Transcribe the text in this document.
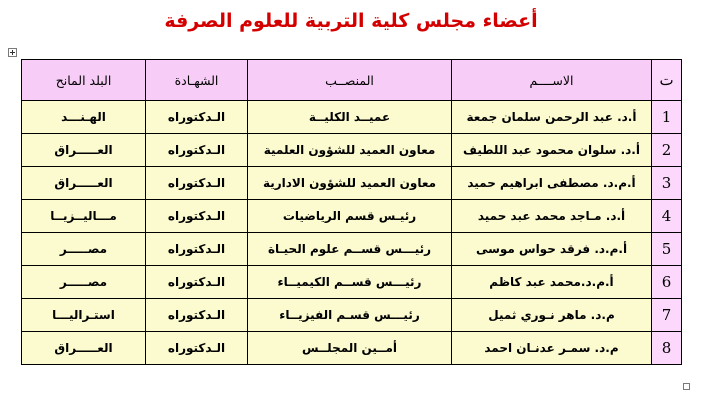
أعضاء مجلس كلية التربية للعلوم الصرفة
ت	الاســــم	المنصــب	الشهـادة	البلد المانح
1	أ.د. عبد الرحمن سلمان جمعة	عميــد الكليــة	الـدكتوراه	الهـنـــد
2	أ.د. سلوان محمود عبد اللطيف	معاون العميد للشؤون العلمية	الـدكتوراه	العـــــراق
3	أ.م.د. مصطفى ابراهيم حميد	معاون العميد للشؤون الادارية	الـدكتوراه	العـــــراق
4	أ.د. مـاجد محمد عبد حميد	رئيـس قسم الرياضيات	الـدكتوراه	مـــاليــزيــا
5	أ.م.د. فرقد حواس موسى	رئيـــس قســم علوم الحيـاة	الـدكتوراه	مصـــــر
6	أ.م.د.محمد عبد كاظم	رئيـــس قســم الكيميــاء	الـدكتوراه	مصـــــر
7	م.د. ماهر نـوري ثميل	رئيـــس قسـم الفيزيــاء	الـدكتوراه	استـراليـــا
8	م.د. سمـر عدنـان احمد	أمــين المجلــس	الـدكتوراه	العـــــراق
